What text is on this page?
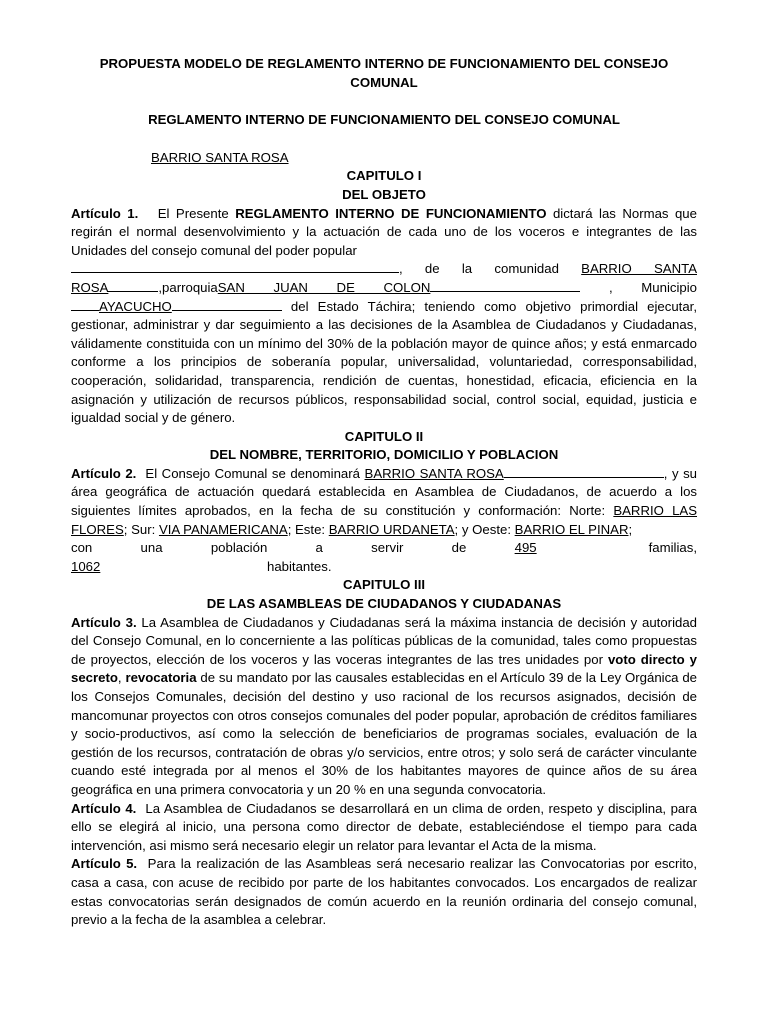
PROPUESTA MODELO DE REGLAMENTO INTERNO DE FUNCIONAMIENTO DEL CONSEJO COMUNAL

REGLAMENTO INTERNO DE FUNCIONAMIENTO DEL CONSEJO COMUNAL

BARRIO SANTA ROSA

CAPITULO I

DEL OBJETO

Artículo 1. El Presente REGLAMENTO INTERNO DE FUNCIONAMIENTO dictará las Normas que regirán el normal desenvolvimiento y la actuación de cada uno de los voceros e integrantes de las Unidades del consejo comunal del poder popular
, de la comunidad BARRIO SANTA
ROSA	,parroquiaSAN JUAN DE COLON	, Municipio
AYACUCHO	del Estado Táchira; teniendo como objetivo primordial ejecutar, gestionar, administrar y dar seguimiento a las decisiones de la Asamblea de Ciudadanos y Ciudadanas, válidamente constituida con un mínimo del 30% de la población mayor de quince años; y está enmarcado conforme a los principios de soberanía popular, universalidad, voluntariedad, corresponsabilidad, cooperación, solidaridad, transparencia, rendición de cuentas, honestidad, eficacia, eficiencia en la asignación y utilización de recursos públicos, responsabilidad social, control social, equidad, justicia e igualdad social y de género.

CAPITULO II

DEL NOMBRE, TERRITORIO, DOMICILIO Y POBLACION

Artículo 2. El Consejo Comunal se denominará BARRIO SANTA ROSA	, y su área geográfica de actuación quedará establecida en Asamblea de Ciudadanos, de acuerdo a los siguientes límites aprobados, en la fecha de su constitución y conformación: Norte: BARRIO LAS FLORES; Sur: VIA PANAMERICANA; Este: BARRIO URDANETA; y Oeste: BARRIO EL PINAR;
con una población a servir de	495	familias,
1062	habitantes.

CAPITULO III

DE LAS ASAMBLEAS DE CIUDADANOS Y CIUDADANAS

Artículo 3. La Asamblea de Ciudadanos y Ciudadanas será la máxima instancia de decisión y autoridad del Consejo Comunal, en lo concerniente a las políticas públicas de la comunidad, tales como propuestas de proyectos, elección de los voceros y las voceras integrantes de las tres unidades por voto directo y secreto, revocatoria de su mandato por las causales establecidas en el Artículo 39 de la Ley Orgánica de los Consejos Comunales, decisión del destino y uso racional de los recursos asignados, decisión de mancomunar proyectos con otros consejos comunales del poder popular, aprobación de créditos familiares y socio-productivos, así como la selección de beneficiarios de programas sociales, evaluación de la gestión de los recursos, contratación de obras y/o servicios, entre otros; y solo será de carácter vinculante cuando esté integrada por al menos el 30% de los habitantes mayores de quince años de su área geográfica en una primera convocatoria y un 20 % en una segunda convocatoria.
Artículo 4. La Asamblea de Ciudadanos se desarrollará en un clima de orden, respeto y disciplina, para ello se elegirá al inicio, una persona como director de debate, estableciéndose el tiempo para cada intervención, asi mismo será necesario elegir un relator para levantar el Acta de la misma.
Artículo 5. Para la realización de las Asambleas será necesario realizar las Convocatorias por escrito, casa a casa, con acuse de recibido por parte de los habitantes convocados. Los encargados de realizar estas convocatorias serán designados de común acuerdo en la reunión ordinaria del consejo comunal, previo a la fecha de la asamblea a celebrar.
